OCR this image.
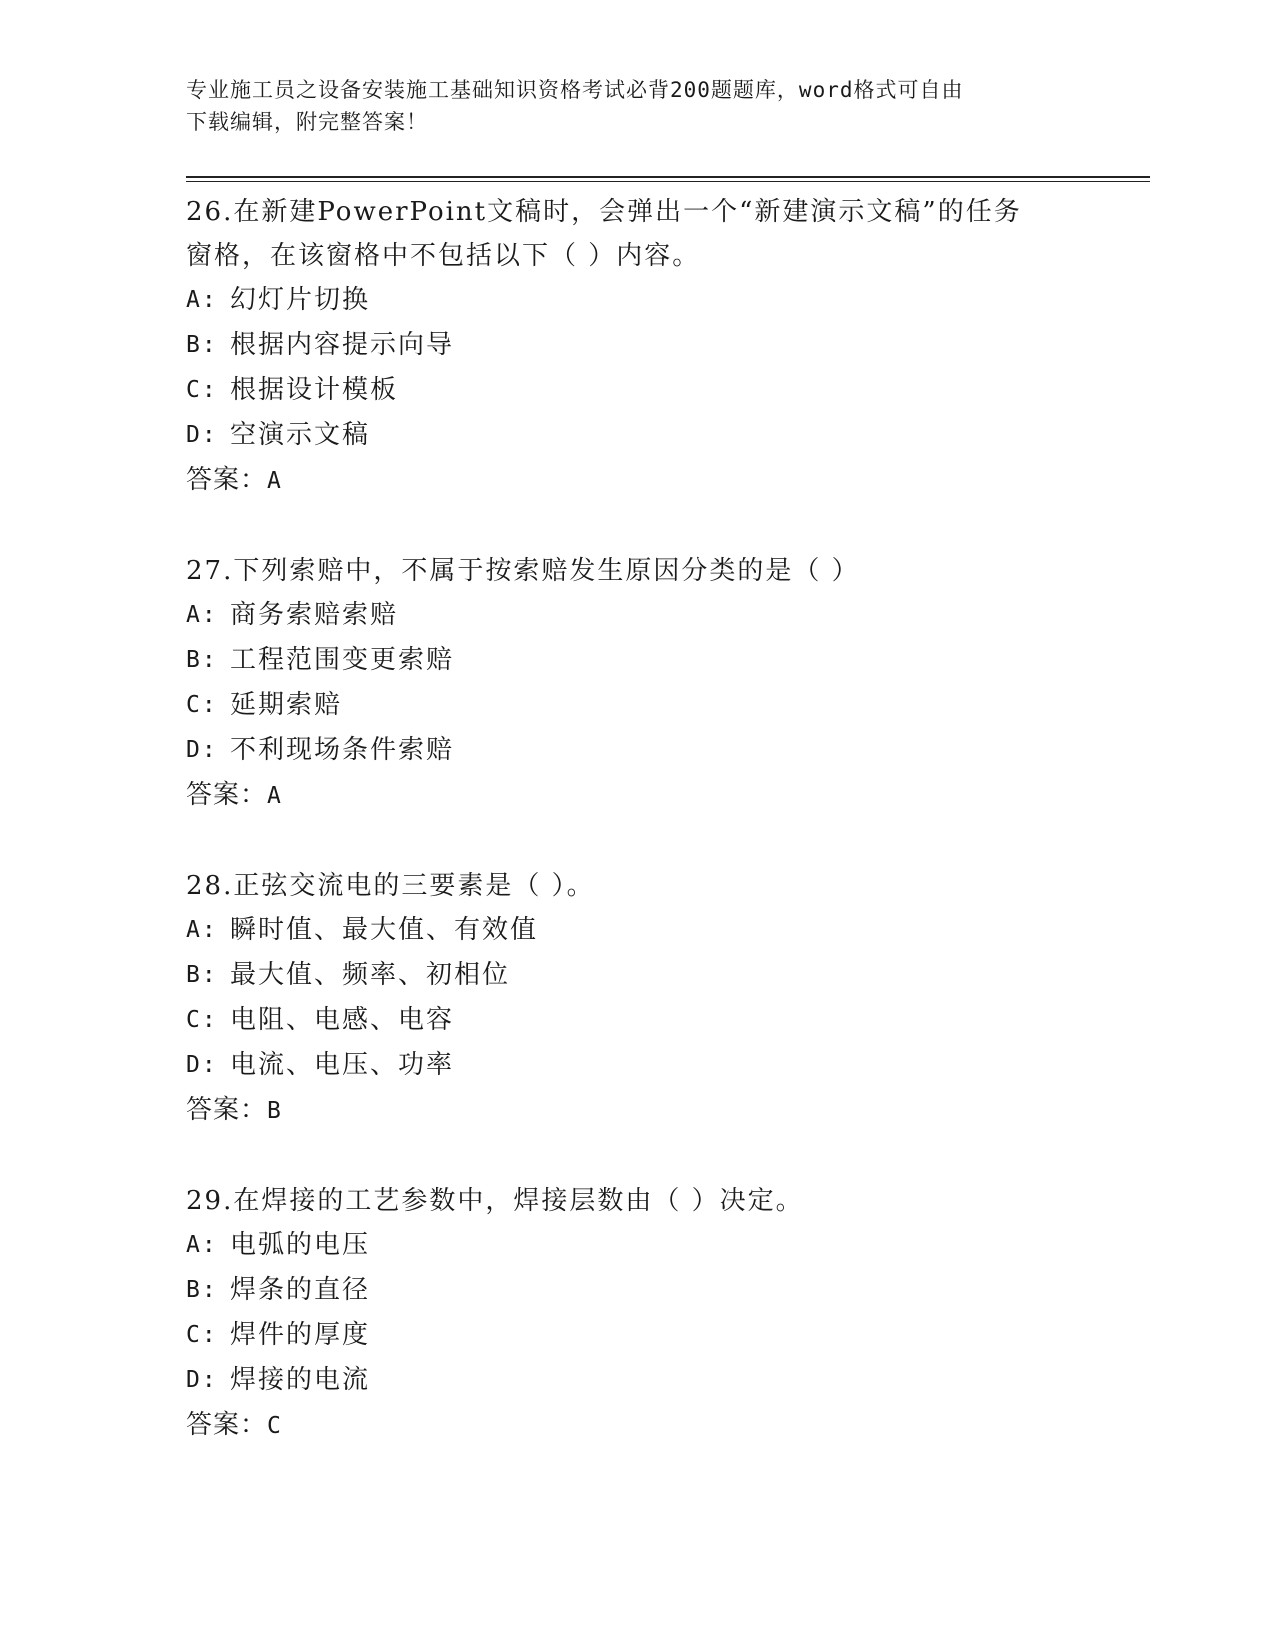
专业施工员之设备安装施工基础知识资格考试必背200题题库，word格式可自由
下载编辑，附完整答案！

26.在新建PowerPoint文稿时，会弹出一个“新建演示文稿”的任务

窗格，在该窗格中不包括以下（ ）内容。

A: 幻灯片切换
B: 根据内容提示向导
C: 根据设计模板
D: 空演示文稿
答案：A

27.下列索赔中，不属于按索赔发生原因分类的是（ ）

A: 商务索赔索赔
B: 工程范围变更索赔
C: 延期索赔
D: 不利现场条件索赔
答案：A

28.正弦交流电的三要素是（ ）。

A: 瞬时值、最大值、有效值
B: 最大值、频率、初相位
C: 电阻、电感、电容
D: 电流、电压、功率
答案：B

29.在焊接的工艺参数中，焊接层数由（ ）决定。

A: 电弧的电压
B: 焊条的直径
C: 焊件的厚度
D: 焊接的电流
答案：C
